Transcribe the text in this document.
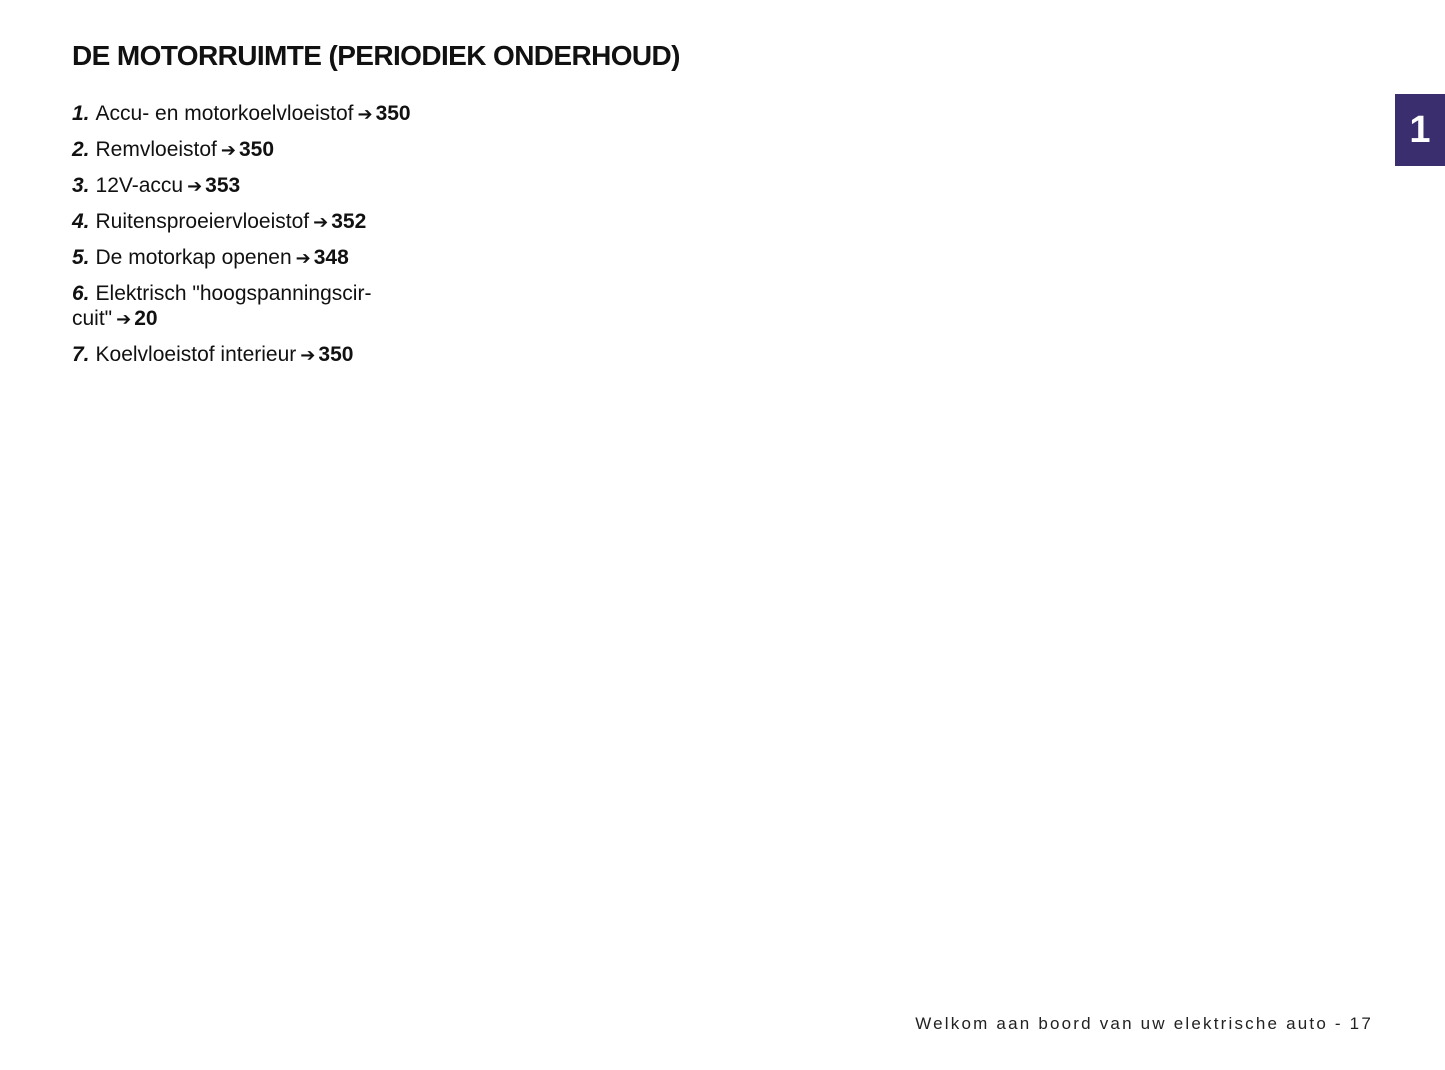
DE MOTORRUIMTE (PERIODIEK ONDERHOUD)
1
1. Accu- en motorkoelvloeistof ➔ 350
2. Remvloeistof ➔ 350
3. 12V-accu ➔ 353
4. Ruitensproeiervloeistof ➔ 352
5. De motorkap openen ➔ 348
6. Elektrisch "hoogspanningscir-
cuit" ➔ 20
7. Koelvloeistof interieur ➔ 350
Welkom aan boord van uw elektrische auto - 17
